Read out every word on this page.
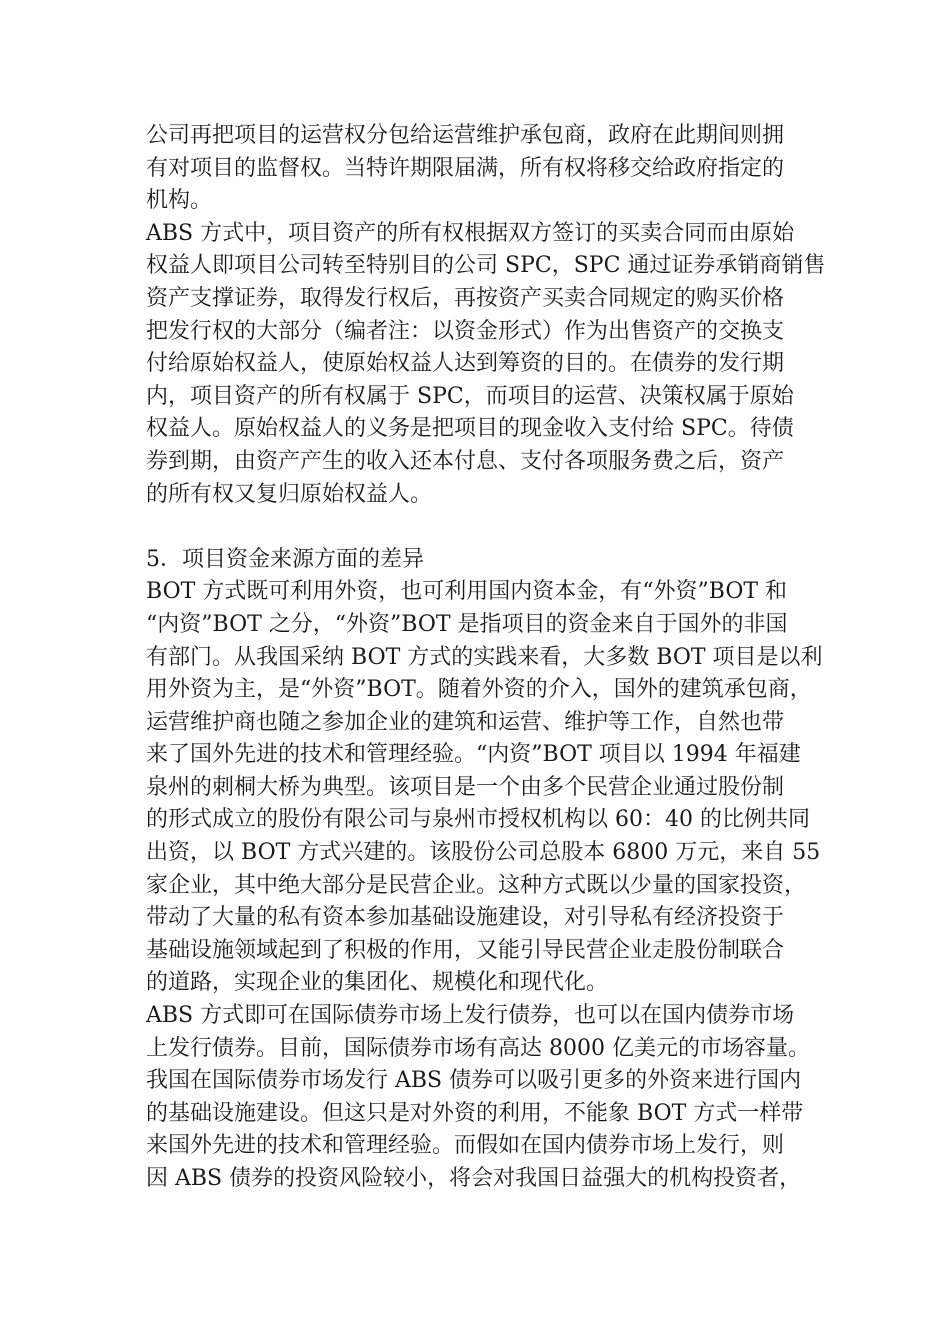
公司再把项目的运营权分包给运营维护承包商，政府在此期间则拥
有对项目的监督权。当特许期限届满，所有权将移交给政府指定的
机构。
ABS 方式中，项目资产的所有权根据双方签订的买卖合同而由原始
权益人即项目公司转至特别目的公司 SPC，SPC 通过证券承销商销售
资产支撑证券，取得发行权后，再按资产买卖合同规定的购买价格
把发行权的大部分（编者注：以资金形式）作为出售资产的交换支
付给原始权益人，使原始权益人达到筹资的目的。在债券的发行期
内，项目资产的所有权属于 SPC，而项目的运营、决策权属于原始
权益人。原始权益人的义务是把项目的现金收入支付给 SPC。待债
券到期，由资产产生的收入还本付息、支付各项服务费之后，资产
的所有权又复归原始权益人。
5．项目资金来源方面的差异
BOT 方式既可利用外资，也可利用国内资本金，有“外资”BOT 和
“内资”BOT 之分，“外资”BOT 是指项目的资金来自于国外的非国
有部门。从我国采纳 BOT 方式的实践来看，大多数 BOT 项目是以利
用外资为主，是“外资”BOT。随着外资的介入，国外的建筑承包商，
运营维护商也随之参加企业的建筑和运营、维护等工作，自然也带
来了国外先进的技术和管理经验。“内资”BOT 项目以 1994 年福建
泉州的刺桐大桥为典型。该项目是一个由多个民营企业通过股份制
的形式成立的股份有限公司与泉州市授权机构以 60：40 的比例共同
出资，以 BOT 方式兴建的。该股份公司总股本 6800 万元，来自 55
家企业，其中绝大部分是民营企业。这种方式既以少量的国家投资，
带动了大量的私有资本参加基础设施建设，对引导私有经济投资于
基础设施领域起到了积极的作用，又能引导民营企业走股份制联合
的道路，实现企业的集团化、规模化和现代化。
ABS 方式即可在国际债券市场上发行债券，也可以在国内债券市场
上发行债券。目前，国际债券市场有高达 8000 亿美元的市场容量。
我国在国际债券市场发行 ABS 债券可以吸引更多的外资来进行国内
的基础设施建设。但这只是对外资的利用，不能象 BOT 方式一样带
来国外先进的技术和管理经验。而假如在国内债券市场上发行，则
因 ABS 债券的投资风险较小，将会对我国日益强大的机构投资者，
